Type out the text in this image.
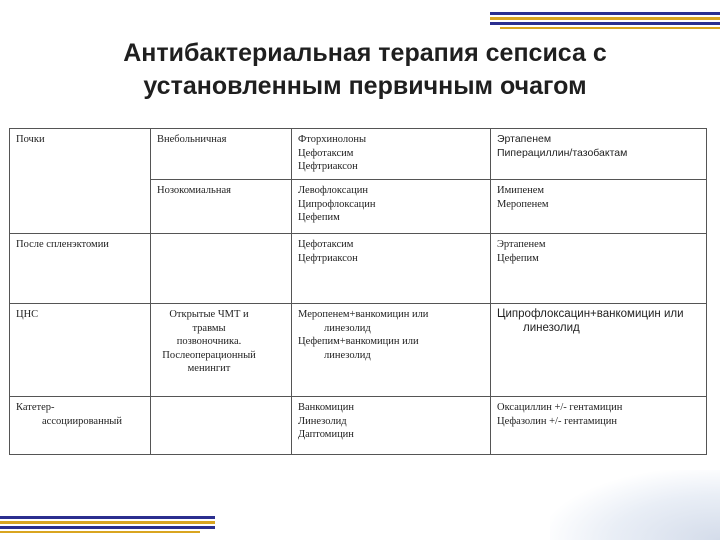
Антибактериальная терапия сепсиса с
установленным первичным очагом
Почки	Внебольничная	Фторхинолоны
Цефотаксим
Цефтриаксон	Эртапенем
Пиперациллин/тазобактам

	Нозокомиальная	Левофлоксацин
Ципрофлоксацин
Цефепим	Имипенем
Меропенем

После спленэктомии		Цефотаксим
Цефтриаксон	Эртапенем
Цефепим

ЦНС	Открытые ЧМТ и
травмы
позвоночника.
Послеоперационный
менингит	Меропенем+ванкомицин или
линезолид
Цефепим+ванкомицин или
линезолид	Ципрофлоксацин+ванкомицин или
линезолид

Катетер-
ассоциированный		Ванкомицин
Линезолид
Даптомицин	Оксациллин +/- гентамицин
Цефазолин +/- гентамицин
